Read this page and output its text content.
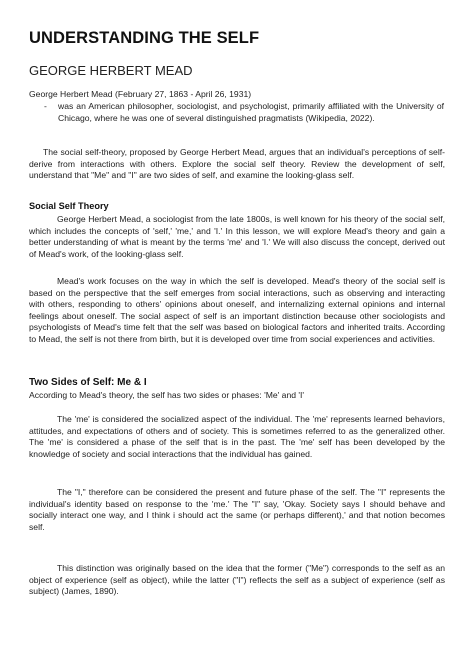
UNDERSTANDING THE SELF
GEORGE HERBERT MEAD
George Herbert Mead (February 27, 1863 - April 26, 1931)
- was an American philosopher, sociologist, and psychologist, primarily affiliated with the University of Chicago, where he was one of several distinguished pragmatists (Wikipedia, 2022).
The social self-theory, proposed by George Herbert Mead, argues that an individual's perceptions of self-derive from interactions with others. Explore the social self theory. Review the development of self, understand that "Me" and "I" are two sides of self, and examine the looking-glass self.
Social Self Theory
George Herbert Mead, a sociologist from the late 1800s, is well known for his theory of the social self, which includes the concepts of 'self,' 'me,' and 'I.' In this lesson, we will explore Mead's theory and gain a better understanding of what is meant by the terms 'me' and 'I.' We will also discuss the concept, derived out of Mead's work, of the looking-glass self.
Mead's work focuses on the way in which the self is developed. Mead's theory of the social self is based on the perspective that the self emerges from social interactions, such as observing and interacting with others, responding to others' opinions about oneself, and internalizing external opinions and internal feelings about oneself. The social aspect of self is an important distinction because other sociologists and psychologists of Mead's time felt that the self was based on biological factors and inherited traits. According to Mead, the self is not there from birth, but it is developed over time from social experiences and activities.
Two Sides of Self: Me & I
According to Mead's theory, the self has two sides or phases: 'Me' and 'I'
The 'me' is considered the socialized aspect of the individual. The 'me' represents learned behaviors, attitudes, and expectations of others and of society. This is sometimes referred to as the generalized other. The 'me' is considered a phase of the self that is in the past. The 'me' self has been developed by the knowledge of society and social interactions that the individual has gained.
The "I," therefore can be considered the present and future phase of the self. The "I" represents the individual's identity based on response to the 'me.' The "I" say, 'Okay. Society says I should behave and socially interact one way, and I think i should act the same (or perhaps different),' and that notion becomes self.
This distinction was originally based on the idea that the former ("Me") corresponds to the self as an object of experience (self as object), while the latter ("I") reflects the self as a subject of experience (self as subject) (James, 1890).
